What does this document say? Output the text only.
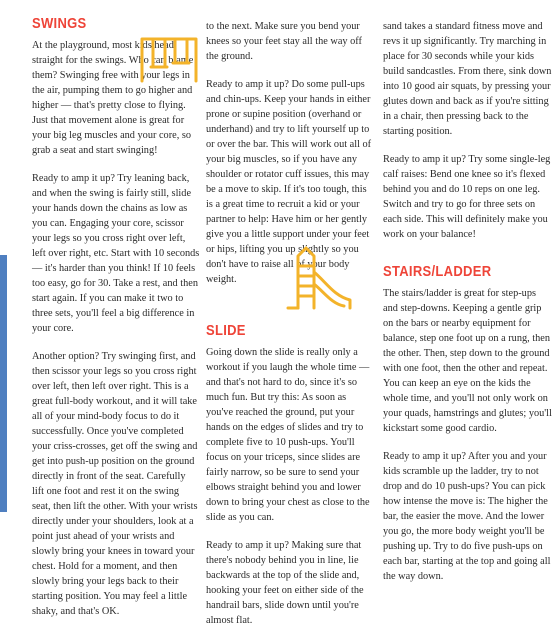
SWINGS

At the playground, most kids head straight for the swings. Who can blame them? Swinging free with your legs in the air, pumping them to go higher and higher — that's pretty close to flying. Just that movement alone is great for your big leg muscles and your core, so grab a seat and start swinging!

Ready to amp it up? Try leaning back, and when the swing is fairly still, slide your hands down the chains as low as you can. Engaging your core, scissor your legs so you cross right over left, left over right, etc. Start with 10 seconds — it's harder than you think! If 10 feels too easy, go for 30. Take a rest, and then start again. If you can make it two to three sets, you'll feel a big difference in your core.

Another option? Try swinging first, and then scissor your legs so you cross right over left, then left over right. This is a great full-body workout, and it will take all of your mind-body focus to do it successfully. Once you've completed your criss-crosses, get off the swing and get into push-up position on the ground directly in front of the seat. Carefully lift one foot and rest it on the swing seat, then lift the other. With your wrists directly under your shoulders, look at a point just ahead of your wrists and slowly bring your knees in toward your chest. Hold for a moment, and then slowly bring your legs back to their starting position. You may feel a little shaky, and that's OK.

to the next. Make sure you bend your knees so your feet stay all the way off the ground.

Ready to amp it up? Do some pull-ups and chin-ups. Keep your hands in either prone or supine position (overhand or underhand) and try to lift yourself up to or over the bar. This will work out all of your big muscles, so if you have any shoulder or rotator cuff issues, this may be a move to skip. If it's too tough, this is a great time to recruit a kid or your partner to help: Have him or her gently give you a little support under your feet or hips, lifting you up slightly so you don't have to raise all of your body weight.

SLIDE

Going down the slide is really only a workout if you laugh the whole time — and that's not hard to do, since it's so much fun. But try this: As soon as you've reached the ground, put your hands on the edges of slides and try to complete five to 10 push-ups. You'll focus on your triceps, since slides are fairly narrow, so be sure to send your elbows straight behind you and lower down to bring your chest as close to the slide as you can.

Ready to amp it up? Making sure that there's nobody behind you in line, lie backwards at the top of the slide and, hooking your feet on either side of the handrail bars, slide down until you're almost flat.

sand takes a standard fitness move and revs it up significantly. Try marching in place for 30 seconds while your kids build sandcastles. From there, sink down into 10 good air squats, by pressing your glutes down and back as if you're sitting in a chair, then pressing back to the starting position.

Ready to amp it up? Try some single-leg calf raises: Bend one knee so it's flexed behind you and do 10 reps on one leg. Switch and try to go for three sets on each side. This will definitely make you work on your balance!

STAIRS/LADDER

The stairs/ladder is great for step-ups and step-downs. Keeping a gentle grip on the bars or nearby equipment for balance, step one foot up on a rung, then the other. Then, step down to the ground with one foot, then the other and repeat. You can keep an eye on the kids the whole time, and you'll not only work on your quads, hamstrings and glutes; you'll kickstart some good cardio.

Ready to amp it up? After you and your kids scramble up the ladder, try to not drop and do 10 push-ups? You can pick how intense the move is: The higher the bar, the easier the move. And the lower you go, the more body weight you'll be pushing up. Try to do five push-ups on each bar, starting at the top and going all the way down.
